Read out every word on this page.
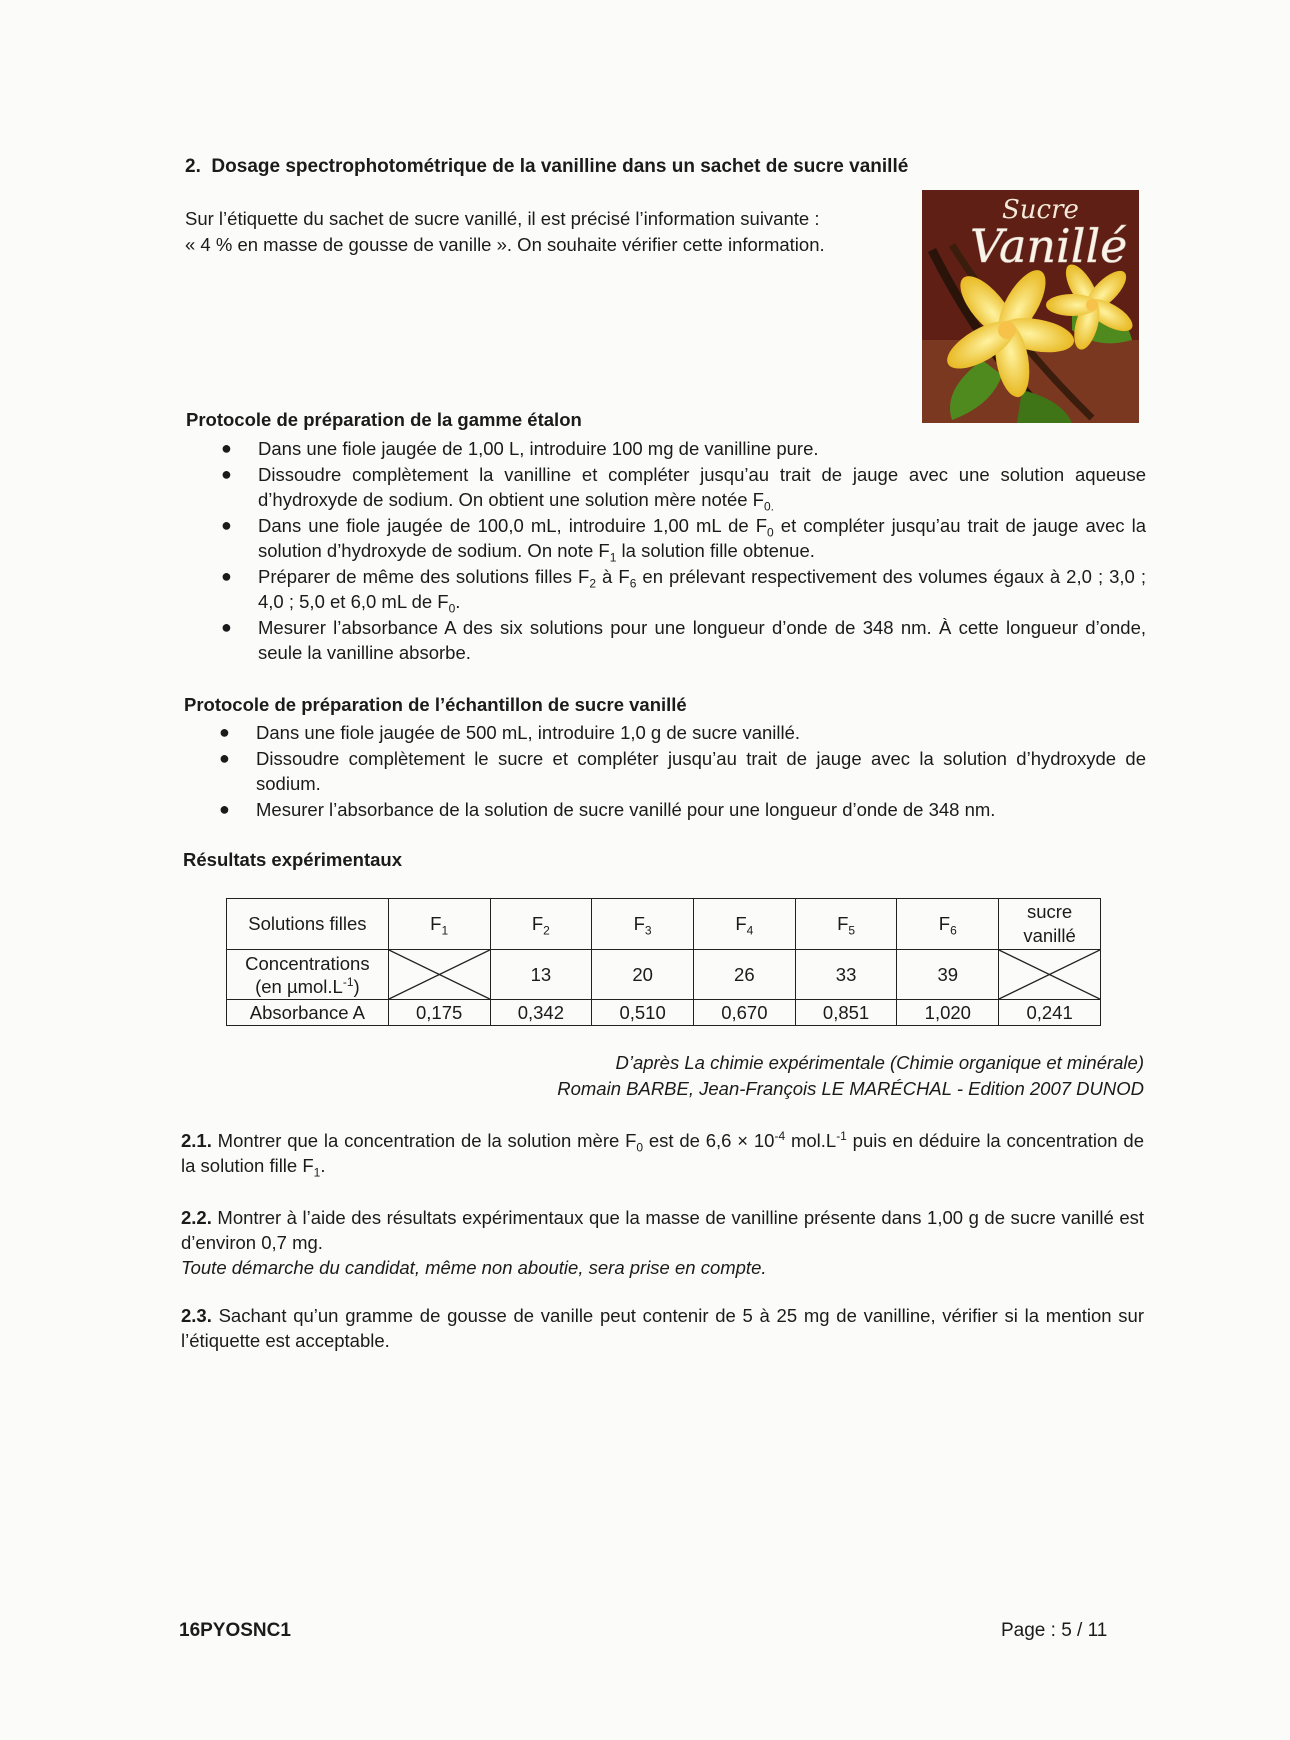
2. Dosage spectrophotométrique de la vanilline dans un sachet de sucre vanillé
Sur l’étiquette du sachet de sucre vanillé, il est précisé l’information suivante :
« 4 % en masse de gousse de vanille ». On souhaite vérifier cette information.
Sucre
Vanillé
Protocole de préparation de la gamme étalon
● Dans une fiole jaugée de 1,00 L, introduire 100 mg de vanilline pure.
● Dissoudre complètement la vanilline et compléter jusqu’au trait de jauge avec une solution aqueuse d’hydroxyde de sodium. On obtient une solution mère notée $F_{0.}$
● Dans une fiole jaugée de 100,0 mL, introduire 1,00 mL de $F_0$ et compléter jusqu’au trait de jauge avec la solution d’hydroxyde de sodium. On note $F_1$ la solution fille obtenue.
● Préparer de même des solutions filles $F_2$ à $F_6$ en prélevant respectivement des volumes égaux à 2,0 ; 3,0 ; 4,0 ; 5,0 et 6,0 mL de $F_0$.
● Mesurer l’absorbance A des six solutions pour une longueur d’onde de 348 nm. À cette longueur d’onde, seule la vanilline absorbe.
Protocole de préparation de l’échantillon de sucre vanillé
● Dans une fiole jaugée de 500 mL, introduire 1,0 g de sucre vanillé.
● Dissoudre complètement le sucre et compléter jusqu’au trait de jauge avec la solution d’hydroxyde de sodium.
● Mesurer l’absorbance de la solution de sucre vanillé pour une longueur d’onde de 348 nm.
Résultats expérimentaux
Solutions filles	$F_1$	$F_2$	$F_3$	$F_4$	$F_5$	$F_6$	sucre
vanillé
Concentrations
(en $\mu mol.L^{-1}$)		13	20	26	33	39	

Absorbance A	0,175	0,342	0,510	0,670	0,851	1,020	0,241
D’après La chimie expérimentale (Chimie organique et minérale)
Romain BARBE, Jean-François LE MARÉCHAL - Edition 2007 DUNOD
2.1. Montrer que la concentration de la solution mère $F_0$ est de $6,6 \times 10^{-4}$ $mol.L^{-1}$ puis en déduire la concentration de la solution fille $F_1$.
2.2. Montrer à l’aide des résultats expérimentaux que la masse de vanilline présente dans 1,00 g de sucre vanillé est d’environ 0,7 mg.
Toute démarche du candidat, même non aboutie, sera prise en compte.
2.3. Sachant qu’un gramme de gousse de vanille peut contenir de 5 à 25 mg de vanilline, vérifier si la mention sur l’étiquette est acceptable.
16PYOSNC1	Page : 5 / 11
